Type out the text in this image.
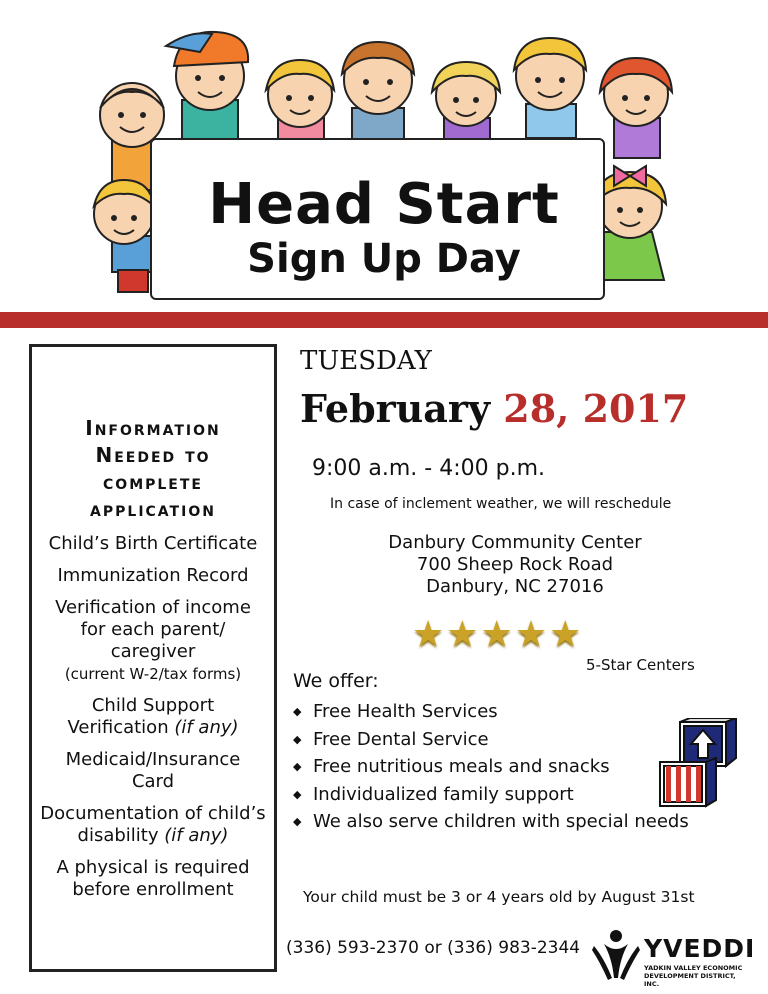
Head Start
Sign Up Day
Information
Needed to
complete
application
Child’s Birth Certificate
Immunization Record
Verification of income
for each parent/
caregiver
(current W-2/tax forms)
Child Support
Verification (if any)
Medicaid/Insurance
Card
Documentation of child’s
disability (if any)
A physical is required
before enrollment
TUESDAY
February 28, 2017
9:00 a.m. - 4:00 p.m.
In case of inclement weather, we will reschedule
Danbury Community Center
700 Sheep Rock Road
Danbury, NC 27016
★★★★★
5-Star Centers
We offer:
◆ Free Health Services
◆ Free Dental Service
◆ Free nutritious meals and snacks
◆ Individualized family support
◆ We also serve children with special needs
Your child must be 3 or 4 years old by August 31st
(336) 593-2370 or (336) 983-2344	YVEDDI
YADKIN VALLEY ECONOMIC
DEVELOPMENT DISTRICT, INC.
